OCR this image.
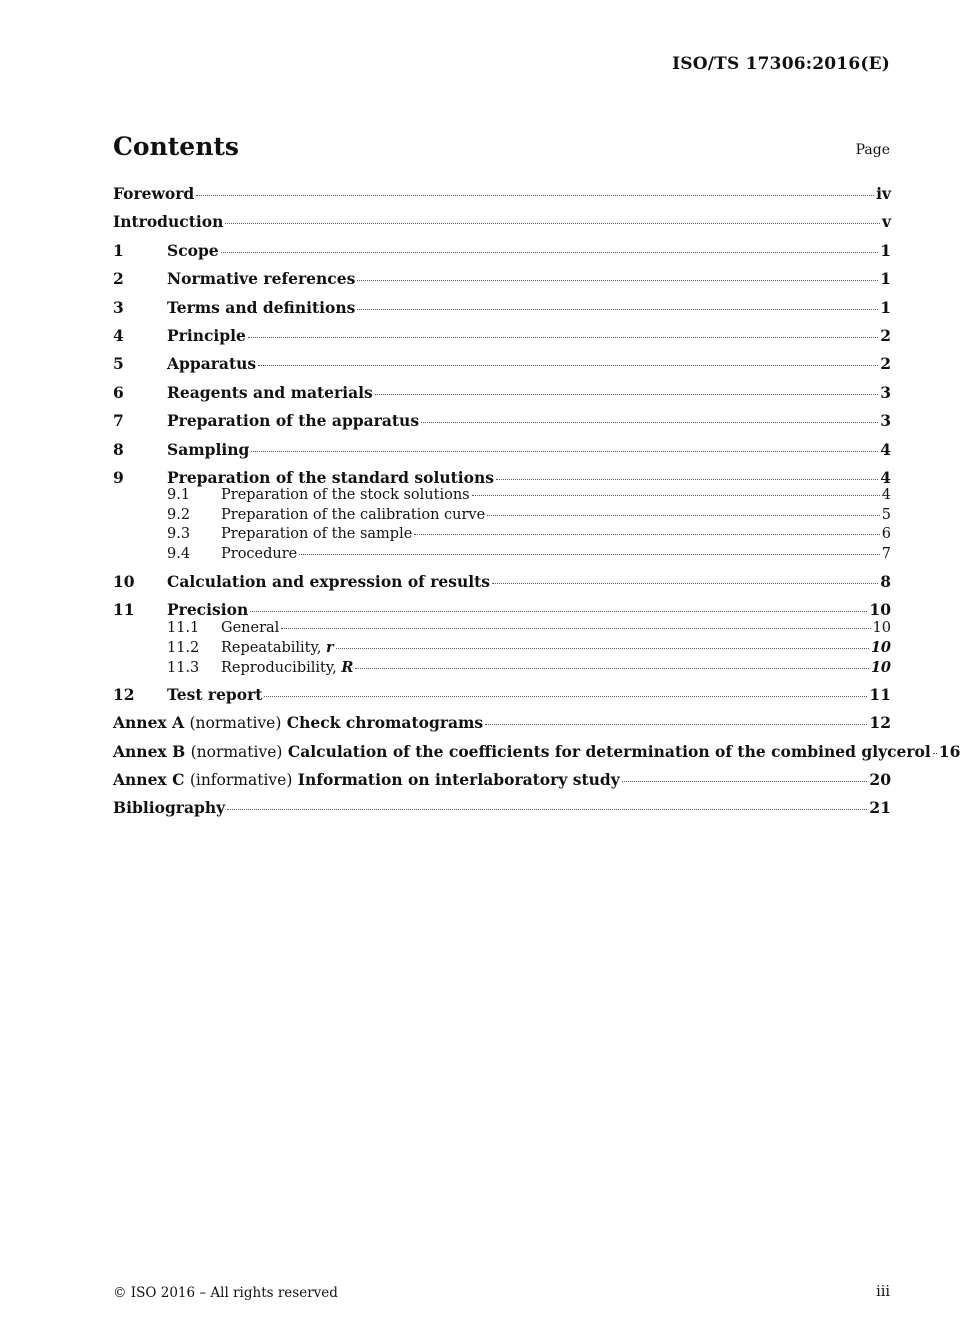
ISO/TS 17306:2016(E)
Contents	Page
Foreword	iv
Introduction	v
1	Scope	1
2	Normative references	1
3	Terms and definitions	1
4	Principle	2
5	Apparatus	2
6	Reagents and materials	3
7	Preparation of the apparatus	3
8	Sampling	4
9	Preparation of the standard solutions	4
9.1	Preparation of the stock solutions	4
9.2	Preparation of the calibration curve	5
9.3	Preparation of the sample	6
9.4	Procedure	7
10	Calculation and expression of results	8
11	Precision	10
11.1	General	10
11.2	Repeatability, r	10
11.3	Reproducibility, R	10
12	Test report	11
Annex A (normative) Check chromatograms	12
Annex B (normative) Calculation of the coefficients for determination of the combined glycerol 16
Annex C (informative) Information on interlaboratory study	20
Bibliography	21
© ISO 2016 – All rights reserved	iii
